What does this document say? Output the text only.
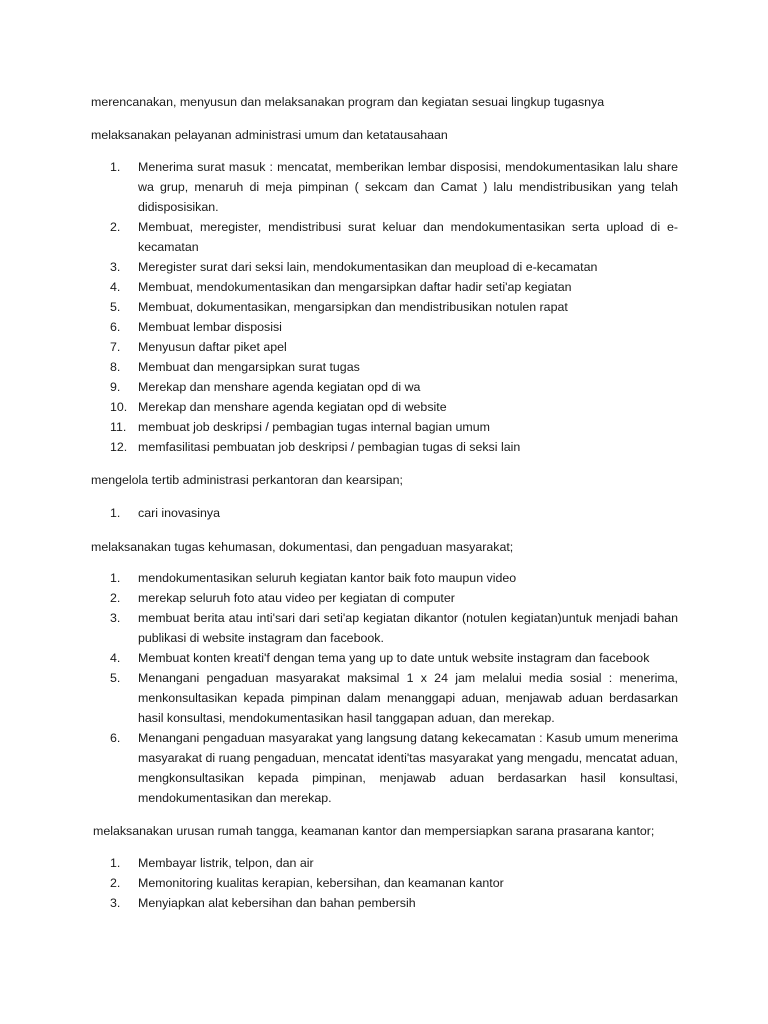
merencanakan, menyusun dan melaksanakan program dan kegiatan sesuai lingkup tugasnya

melaksanakan pelayanan administrasi umum dan ketatausahaan

1.	Menerima surat masuk : mencatat, memberikan lembar disposisi, mendokumentasikan lalu share wa grup, menaruh di meja pimpinan ( sekcam dan Camat ) lalu mendistribusikan yang telah didisposisikan.
2.	Membuat, meregister, mendistribusi surat keluar dan mendokumentasikan serta upload di e-kecamatan
3.	Meregister surat dari seksi lain, mendokumentasikan dan meupload di e-kecamatan
4.	Membuat, mendokumentasikan dan mengarsipkan daftar hadir seti'ap kegiatan
5.	Membuat, dokumentasikan, mengarsipkan dan mendistribusikan notulen rapat
6.	Membuat lembar disposisi
7.	Menyusun daftar piket apel
8.	Membuat dan mengarsipkan surat tugas
9.	Merekap dan menshare agenda kegiatan opd di wa
10. Merekap dan menshare agenda kegiatan opd di website
11. membuat job deskripsi / pembagian tugas internal bagian umum
12. memfasilitasi pembuatan job deskripsi / pembagian tugas di seksi lain

mengelola tertib administrasi perkantoran dan kearsipan;

1.	cari inovasinya

melaksanakan tugas kehumasan, dokumentasi, dan pengaduan masyarakat;

1.	mendokumentasikan seluruh kegiatan kantor baik foto maupun video
2.	merekap seluruh foto atau video per kegiatan di computer
3.	membuat berita atau inti'sari dari seti'ap kegiatan dikantor (notulen kegiatan)untuk menjadi bahan publikasi di website instagram dan facebook.
4.	Membuat konten kreati'f dengan tema yang up to date untuk website instagram dan facebook
5.	Menangani pengaduan masyarakat maksimal 1 x 24 jam melalui media sosial : menerima, menkonsultasikan kepada pimpinan dalam menanggapi aduan, menjawab aduan berdasarkan hasil konsultasi, mendokumentasikan hasil tanggapan aduan, dan merekap.
6.	Menangani pengaduan masyarakat yang langsung datang kekecamatan : Kasub umum menerima masyarakat di ruang pengaduan, mencatat identi'tas masyarakat yang mengadu, mencatat aduan, mengkonsultasikan kepada pimpinan, menjawab aduan berdasarkan hasil konsultasi, mendokumentasikan dan merekap.

melaksanakan urusan rumah tangga, keamanan kantor dan mempersiapkan sarana prasarana kantor;

1.	Membayar listrik, telpon, dan air
2.	Memonitoring kualitas kerapian, kebersihan, dan keamanan kantor
3.	Menyiapkan alat kebersihan dan bahan pembersih
